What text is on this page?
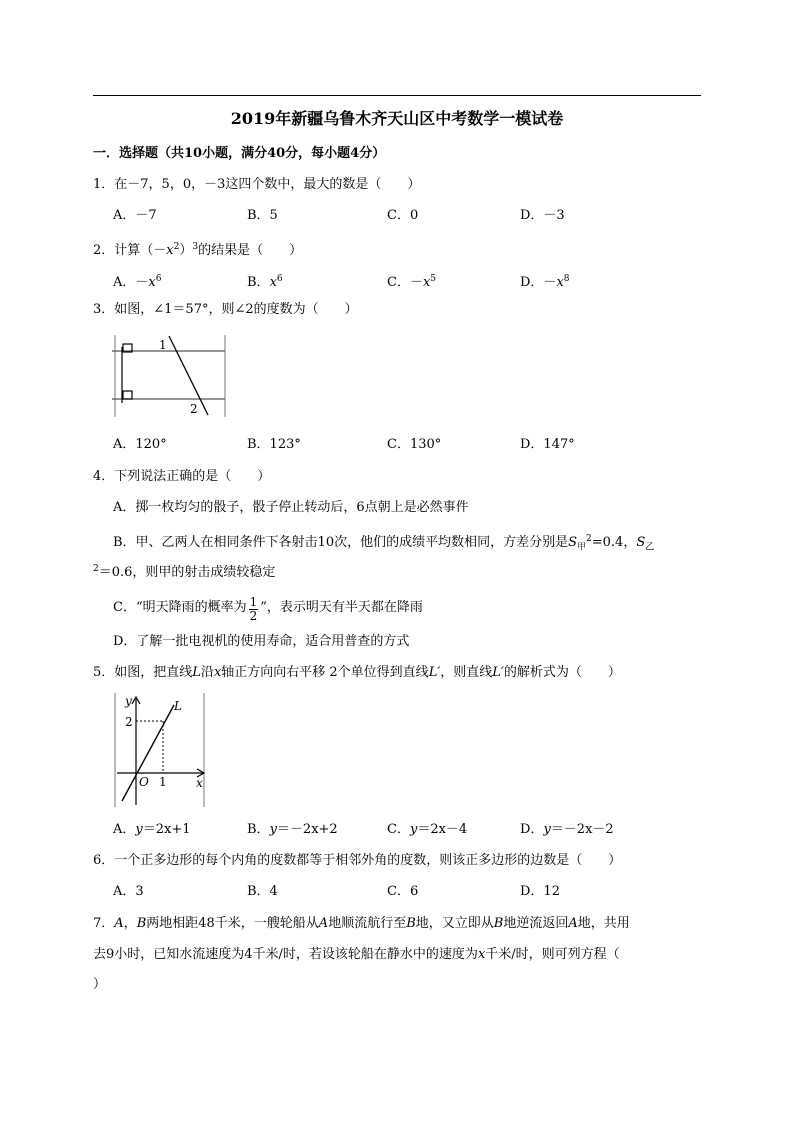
2019年新疆乌鲁木齐天山区中考数学一模试卷
一．选择题（共10小题，满分40分，每小题4分）
1．在－7，5，0，－3这四个数中，最大的数是（　　）
A．－7	B．5	C．0	D．－3
2．计算$(-x^2)^3$的结果是（　　）
A．$-x^6$	B．$x^6$	C．$-x^5$	D．$-x^8$
3．如图，∠1＝57°，则∠2的度数为（　　）
1
2
A．120°	B．123°	C．130°	D．147°
4．下列说法正确的是（　　）
A．掷一枚均匀的骰子，骰子停止转动后，6点朝上是必然事件
B．甲、乙两人在相同条件下各射击10次，他们的成绩平均数相同，方差分别是$S_甲^2=0.4$，$S_乙$
$^2$＝0.6，则甲的射击成绩较稳定
C．“明天降雨的概率为 $\frac{1}{2}$ ”，表示明天有半天都在降雨
D．了解一批电视机的使用寿命，适合用普查的方式
5．如图，把直线L沿x轴正方向向右平移 2个单位得到直线L′，则直线L′的解析式为（　　）
y	L
2
O 1 x
A．y＝2x+1	B．y＝－2x+2	C．y＝2x－4	D．y＝－2x－2
6．一个正多边形的每个内角的度数都等于相邻外角的度数，则该正多边形的边数是（　　）
A．3	B．4	C．6	D．12
7．A，B两地相距48千米，一艘轮船从A地顺流航行至B地，又立即从B地逆流返回A地，共用
去9小时，已知水流速度为4千米/时，若设该轮船在静水中的速度为x千米/时，则可列方程（
）
